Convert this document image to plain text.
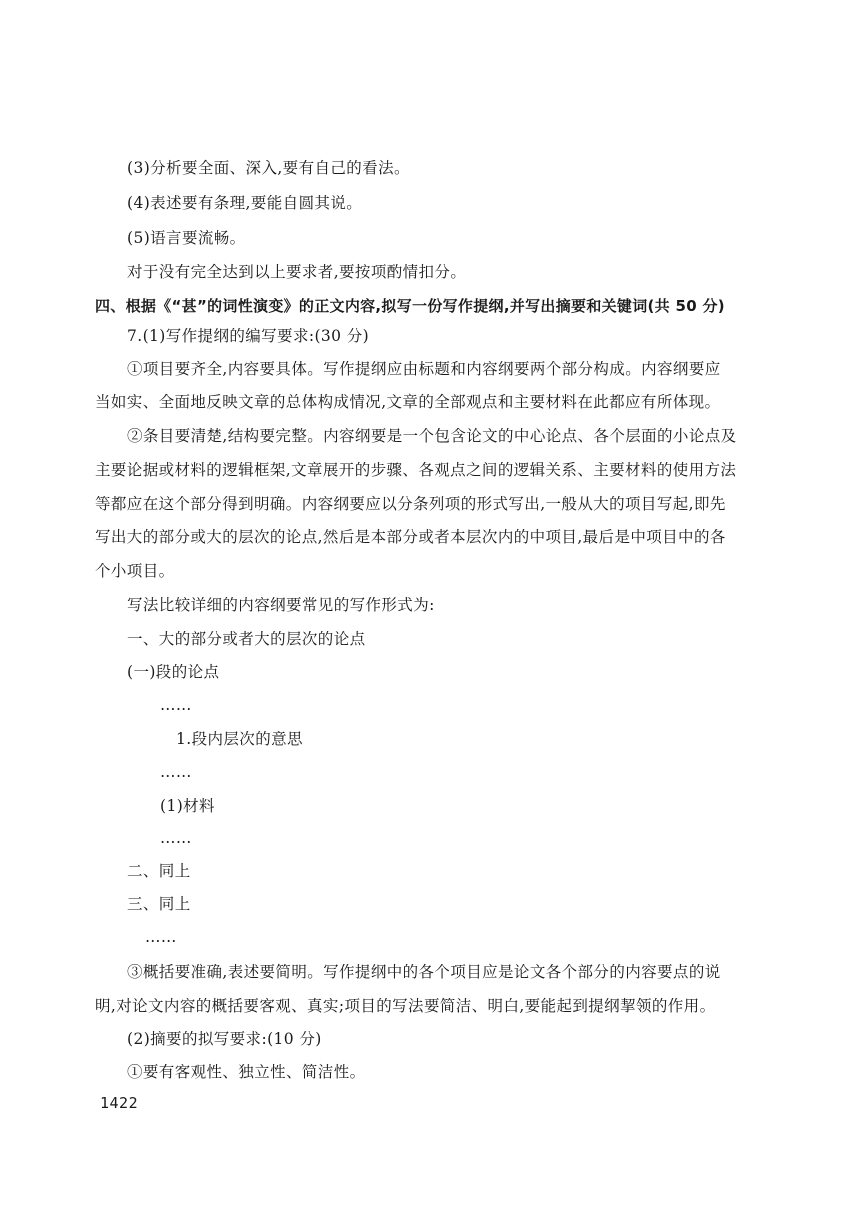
(3)分析要全面、深入,要有自己的看法。
(4)表述要有条理,要能自圆其说。
(5)语言要流畅。
对于没有完全达到以上要求者,要按项酌情扣分。
四、根据《“甚”的词性演变》的正文内容,拟写一份写作提纲,并写出摘要和关键词(共 50 分)
7.(1)写作提纲的编写要求:(30 分)
①项目要齐全,内容要具体。写作提纲应由标题和内容纲要两个部分构成。内容纲要应
当如实、全面地反映文章的总体构成情况,文章的全部观点和主要材料在此都应有所体现。
②条目要清楚,结构要完整。内容纲要是一个包含论文的中心论点、各个层面的小论点及
主要论据或材料的逻辑框架,文章展开的步骤、各观点之间的逻辑关系、主要材料的使用方法
等都应在这个部分得到明确。内容纲要应以分条列项的形式写出,一般从大的项目写起,即先
写出大的部分或大的层次的论点,然后是本部分或者本层次内的中项目,最后是中项目中的各
个小项目。
写法比较详细的内容纲要常见的写作形式为:
一、大的部分或者大的层次的论点
(一)段的论点
……
1.段内层次的意思
……
(1)材料
……
二、同上
三、同上
……
③概括要准确,表述要简明。写作提纲中的各个项目应是论文各个部分的内容要点的说
明,对论文内容的概括要客观、真实;项目的写法要简洁、明白,要能起到提纲挈领的作用。
(2)摘要的拟写要求:(10 分)
①要有客观性、独立性、简洁性。
1422
